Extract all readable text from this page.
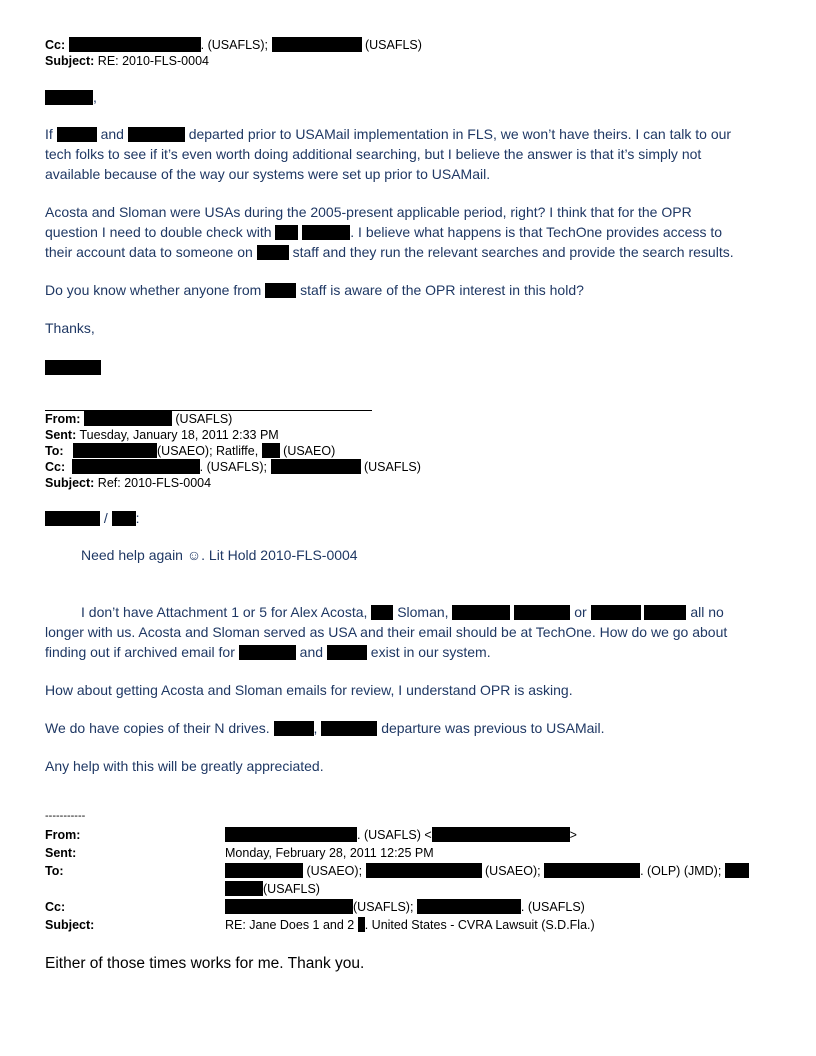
Cc:	. (USAFLS);	(USAFLS)
Subject: RE: 2010-FLS-0004
,
If	and	departed prior to USAMail implementation in FLS, we won’t have theirs. I can talk to our
tech folks to see if it’s even worth doing additional searching, but I believe the answer is that it’s simply not
available because of the way our systems were set up prior to USAMail.
Acosta and Sloman were USAs during the 2005-present applicable period, right? I think that for the OPR
question I need to double check with	. I believe what happens is that TechOne provides access to
their account data to someone on	staff and they run the relevant searches and provide the search results.
Do you know whether anyone from	staff is aware of the OPR interest in this hold?
Thanks,
From:	(USAFLS)
Sent: Tuesday, January 18, 2011 2:33 PM
To:	(USAEO); Ratliffe, (USAEO)
Cc:	. (USAFLS);	(USAFLS)
Subject: Ref: 2010-FLS-0004
/ :
Need help again ☺. Lit Hold 2010-FLS-0004
I don’t have Attachment 1 or 5 for Alex Acosta, Sloman,	or	all no
longer with us. Acosta and Sloman served as USA and their email should be at TechOne. How do we go about
finding out if archived email for	and	exist in our system.
How about getting Acosta and Sloman emails for review, I understand OPR is asking.
We do have copies of their N drives.	,	departure was previous to USAMail.
Any help with this will be greatly appreciated.
-----------
From:	. (USAFLS) <	>
Sent:	Monday, February 28, 2011 12:25 PM
To:	(USAEO);	(USAEO);	. (OLP) (JMD);
(USAFLS)
Cc:	(USAFLS);	. (USAFLS)
Subject:	RE: Jane Does 1 and 2 . United States - CVRA Lawsuit (S.D.Fla.)
Either of those times works for me. Thank you.
